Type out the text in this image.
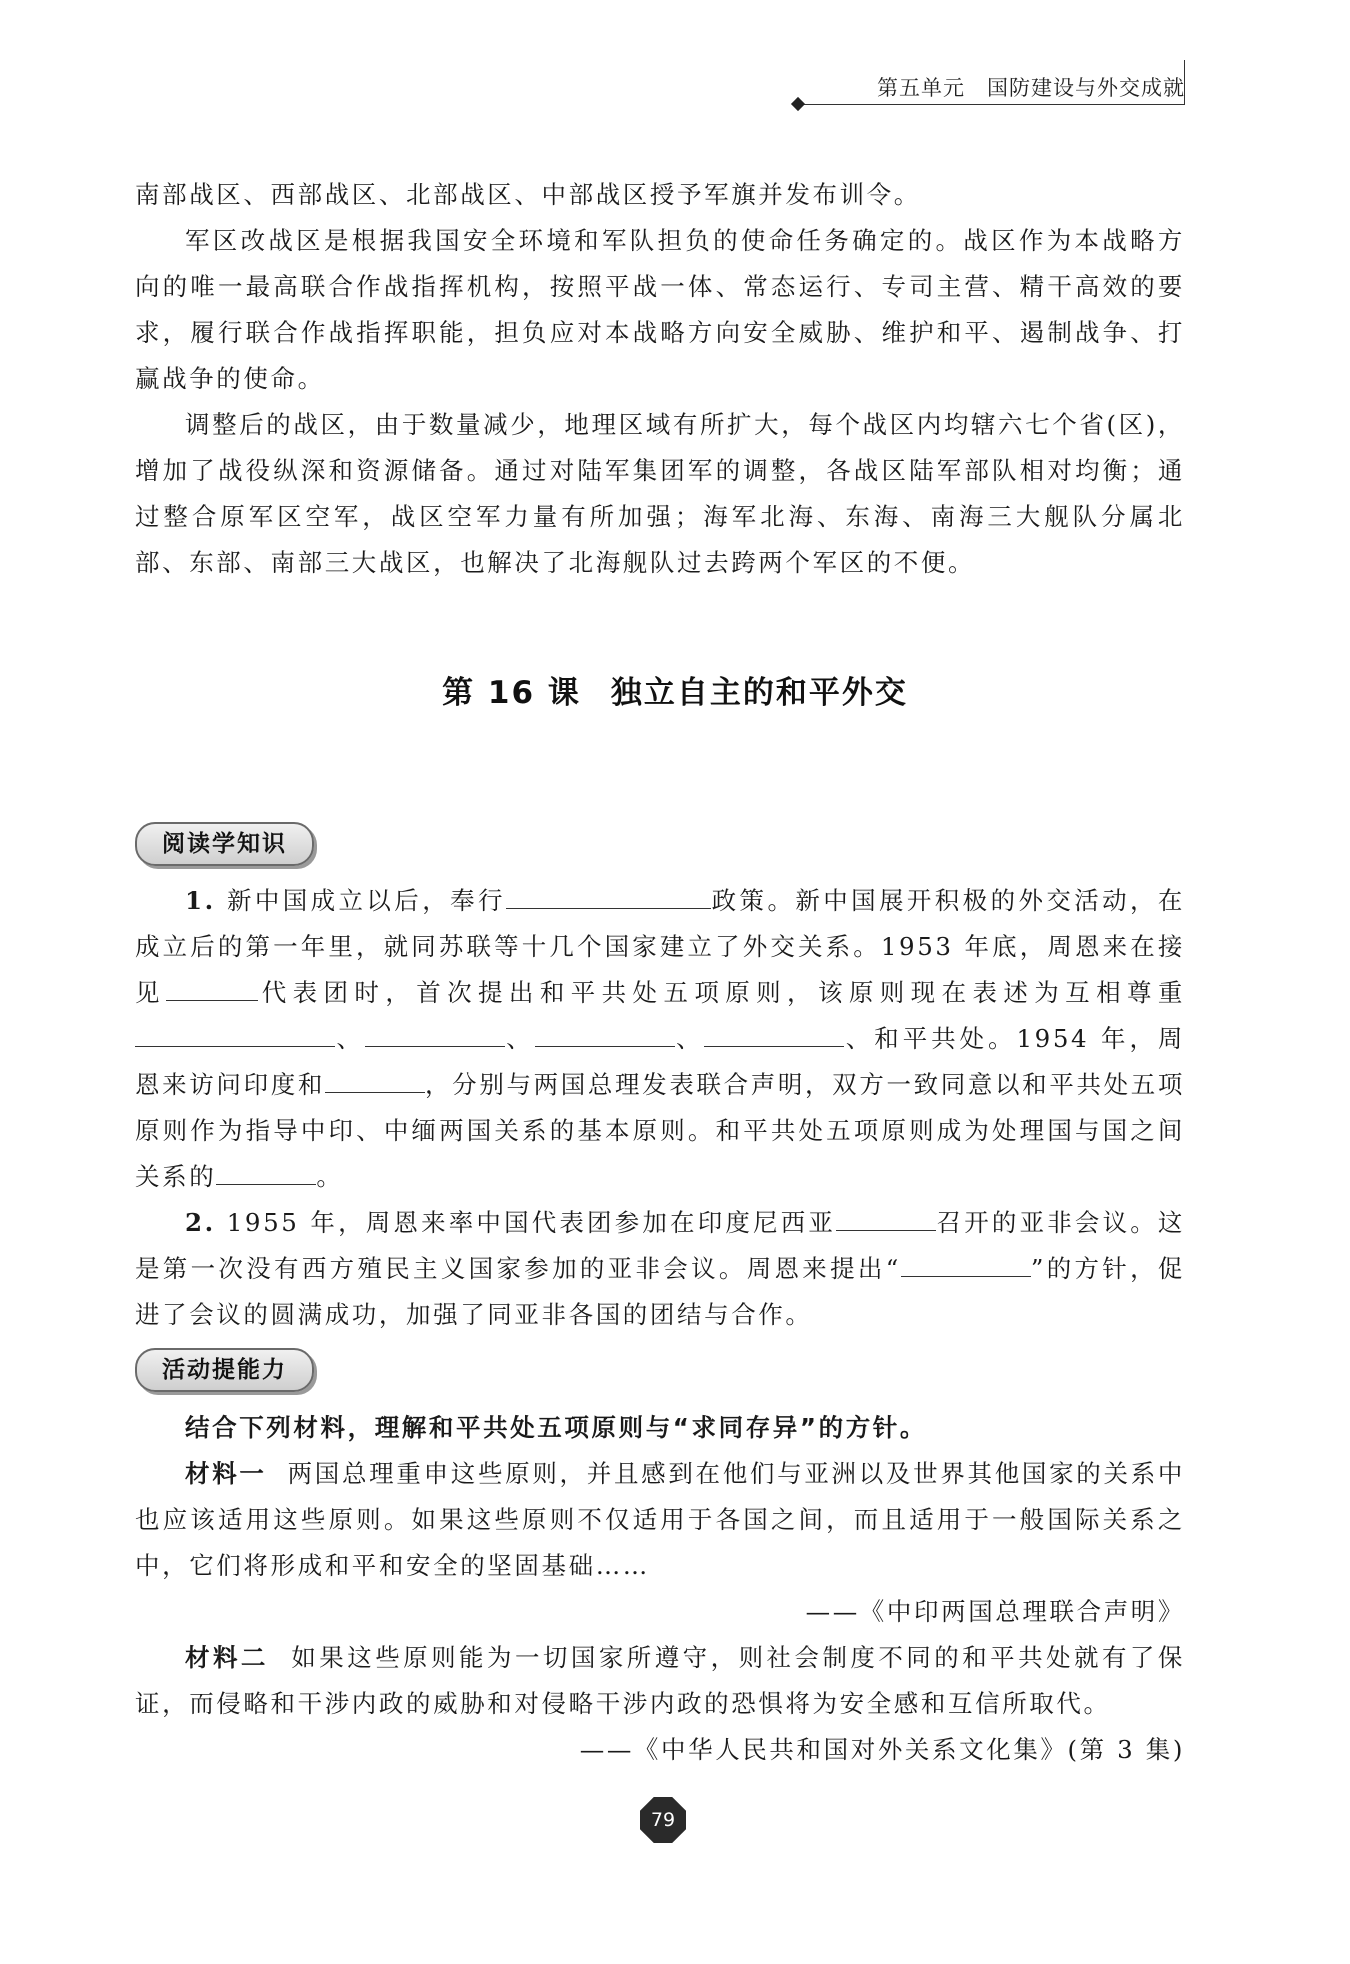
第五单元 国防建设与外交成就

南部战区、西部战区、北部战区、中部战区授予军旗并发布训令。

军区改战区是根据我国安全环境和军队担负的使命任务确定的。战区作为本战略方向的唯一最高联合作战指挥机构，按照平战一体、常态运行、专司主营、精干高效的要求，履行联合作战指挥职能，担负应对本战略方向安全威胁、维护和平、遏制战争、打赢战争的使命。

调整后的战区，由于数量减少，地理区域有所扩大，每个战区内均辖六七个省(区)，增加了战役纵深和资源储备。通过对陆军集团军的调整，各战区陆军部队相对均衡；通过整合原军区空军，战区空军力量有所加强；海军北海、东海、南海三大舰队分属北部、东部、南部三大战区，也解决了北海舰队过去跨两个军区的不便。

第 16 课 独立自主的和平外交
阅读学知识

1. 新中国成立以后，奉行	政策。新中国展开积极的外交活动，在成立后的第一年里，就同苏联等十几个国家建立了外交关系。1953 年底，周恩来在接见	代表团时，首次提出和平共处五项原则，该原则现在表述为互相尊重、	、	、	、和平共处。1954 年，周恩来访问印度和	，分别与两国总理发表联合声明，双方一致同意以和平共处五项原则作为指导中印、中缅两国关系的基本原则。和平共处五项原则成为处理国与国之间关系的	。

2. 1955 年，周恩来率中国代表团参加在印度尼西亚	召开的亚非会议。这是第一次没有西方殖民主义国家参加的亚非会议。周恩来提出“	”的方针，促进了会议的圆满成功，加强了同亚非各国的团结与合作。

活动提能力

结合下列材料，理解和平共处五项原则与“求同存异”的方针。

材料一 两国总理重申这些原则，并且感到在他们与亚洲以及世界其他国家的关系中也应该适用这些原则。如果这些原则不仅适用于各国之间，而且适用于一般国际关系之中，它们将形成和平和安全的坚固基础……

——《中印两国总理联合声明》

材料二 如果这些原则能为一切国家所遵守，则社会制度不同的和平共处就有了保证，而侵略和干涉内政的威胁和对侵略干涉内政的恐惧将为安全感和互信所取代。

——《中华人民共和国对外关系文化集》(第 3 集)

79
